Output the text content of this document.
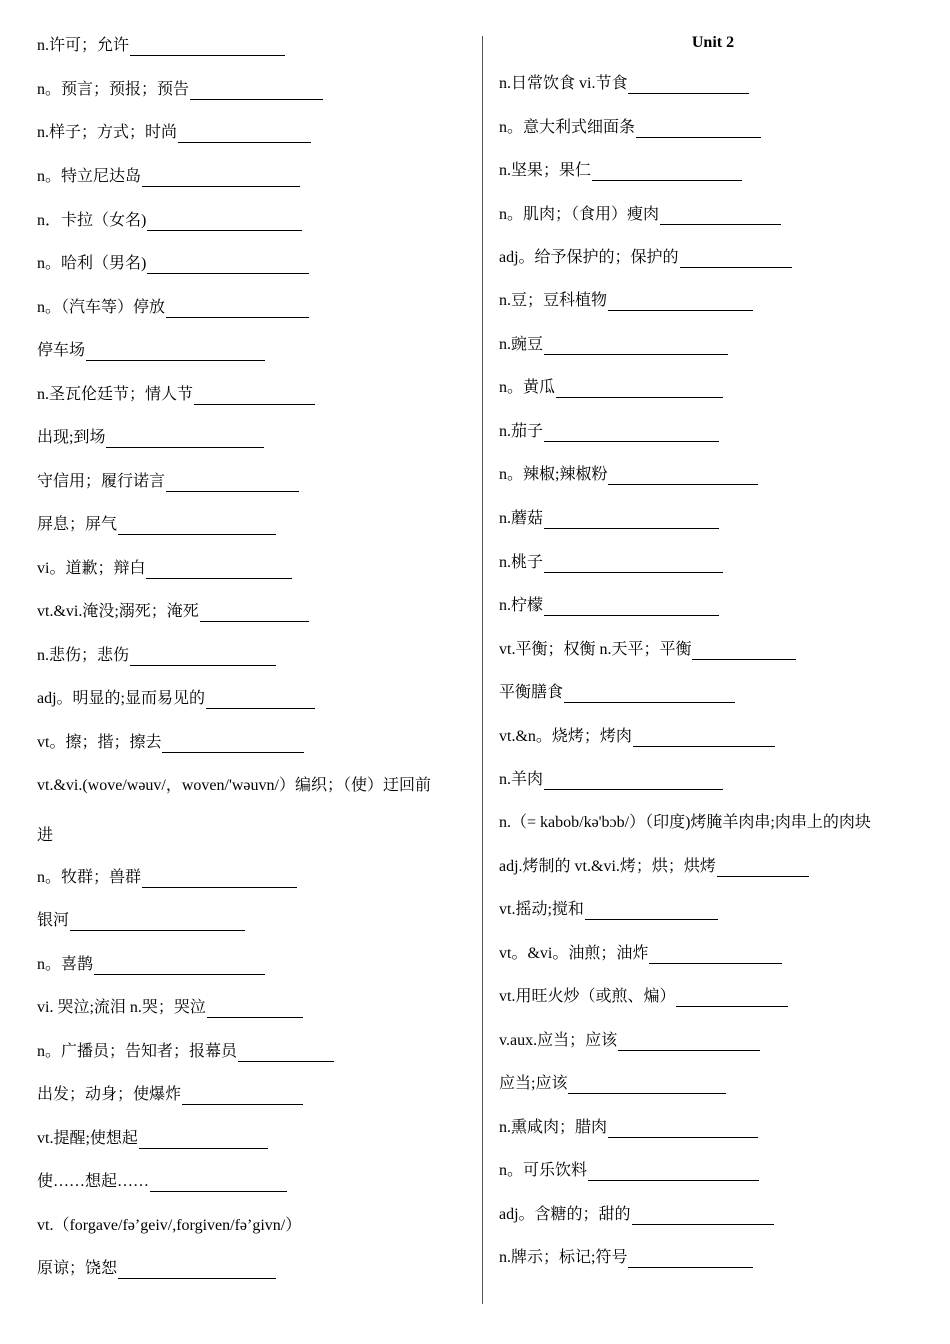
n.许可；允许
n。预言；预报；预告
n.样子；方式；时尚
n。特立尼达岛
n．卡拉（女名)
n。哈利（男名)
n。（汽车等）停放
停车场
n.圣瓦伦廷节；情人节
出现;到场
守信用；履行诺言
屏息；屏气
vi。道歉；辩白
vt.&vi.淹没;溺死；淹死
n.悲伤；悲伤
adj。明显的;显而易见的
vt。擦；揩；擦去
vt.&vi.(wove/wəuv/，woven/'wəuvn/）编织；（使）迂回前
进
n。牧群；兽群
银河
n。喜鹊
vi. 哭泣;流泪 n.哭；哭泣
n。广播员；告知者；报幕员
出发；动身；使爆炸
vt.提醒;使想起
使……想起……
vt.（forgave/fə’geiv/,forgiven/fə’givn/）
原谅；饶恕
Unit 2
n.日常饮食 vi.节食
n。意大利式细面条
n.坚果；果仁
n。肌肉；（食用）瘦肉
adj。给予保护的；保护的
n.豆；豆科植物
n.豌豆
n。黄瓜
n.茄子
n。辣椒;辣椒粉
n.蘑菇
n.桃子
n.柠檬
vt.平衡；权衡 n.天平；平衡
平衡膳食
vt.&n。烧烤；烤肉
n.羊肉
n.（= kabob/kə'bɔb/）（印度)烤腌羊肉串;肉串上的肉块
adj.烤制的 vt.&vi.烤；烘；烘烤
vt.摇动;搅和
vt。&vi。油煎；油炸
vt.用旺火炒（或煎、煸）
v.aux.应当；应该
应当;应该
n.熏咸肉；腊肉
n。可乐饮料
adj。含糖的；甜的
n.牌示；标记;符号
